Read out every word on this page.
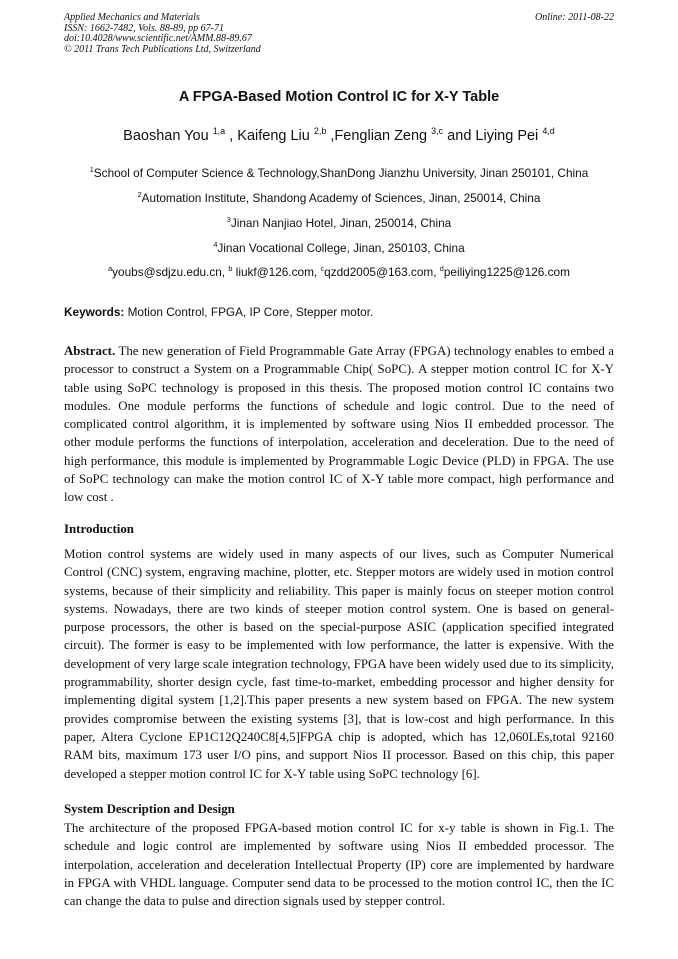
Applied Mechanics and Materials
ISSN: 1662-7482, Vols. 88-89, pp 67-71
doi:10.4028/www.scientific.net/AMM.88-89.67
© 2011 Trans Tech Publications Ltd, Switzerland
Online: 2011-08-22
A FPGA-Based Motion Control IC for X-Y Table
Baoshan You $^{1,a}$ , Kaifeng Liu $^{2,b}$ ,Fenglian Zeng $^{3,c}$ and Liying Pei $^{4,d}$
$^1$School of Computer Science & Technology,ShanDong Jianzhu University, Jinan 250101, China
$^2$Automation Institute, Shandong Academy of Sciences, Jinan, 250014, China
$^3$Jinan Nanjiao Hotel, Jinan, 250014, China
$^4$Jinan Vocational College, Jinan, 250103, China
$^a$youbs@sdjzu.edu.cn, $^b$ liukf@126.com, $^c$qzdd2005@163.com, $^d$peiliying1225@126.com
Keywords: Motion Control, FPGA, IP Core, Stepper motor.
Abstract. The new generation of Field Programmable Gate Array (FPGA) technology enables to embed a processor to construct a System on a Programmable Chip( SoPC). A stepper motion control IC for X-Y table using SoPC technology is proposed in this thesis. The proposed motion control IC contains two modules. One module performs the functions of schedule and logic control. Due to the need of complicated control algorithm, it is implemented by software using Nios II embedded processor. The other module performs the functions of interpolation, acceleration and deceleration. Due to the need of high performance, this module is implemented by Programmable Logic Device (PLD) in FPGA. The use of SoPC technology can make the motion control IC of X-Y table more compact, high performance and low cost .
Introduction
Motion control systems are widely used in many aspects of our lives, such as Computer Numerical Control (CNC) system, engraving machine, plotter, etc. Stepper motors are widely used in motion control systems, because of their simplicity and reliability. This paper is mainly focus on steeper motion control systems. Nowadays, there are two kinds of steeper motion control system. One is based on general-purpose processors, the other is based on the special-purpose ASIC (application specified integrated circuit). The former is easy to be implemented with low performance, the latter is expensive. With the development of very large scale integration technology, FPGA have been widely used due to its simplicity, programmability, shorter design cycle, fast time-to-market, embedding processor and higher density for implementing digital system [1,2].This paper presents a new system based on FPGA. The new system provides compromise between the existing systems [3], that is low-cost and high performance. In this paper, Altera Cyclone EP1C12Q240C8[4,5]FPGA chip is adopted, which has 12,060LEs,total 92160 RAM bits, maximum 173 user I/O pins, and support Nios II processor. Based on this chip, this paper developed a stepper motion control IC for X-Y table using SoPC technology [6].
System Description and Design
The architecture of the proposed FPGA-based motion control IC for x-y table is shown in Fig.1. The schedule and logic control are implemented by software using Nios II embedded processor. The interpolation, acceleration and deceleration Intellectual Property (IP) core are implemented by hardware in FPGA with VHDL language. Computer send data to be processed to the motion control IC, then the IC can change the data to pulse and direction signals used by stepper control.
